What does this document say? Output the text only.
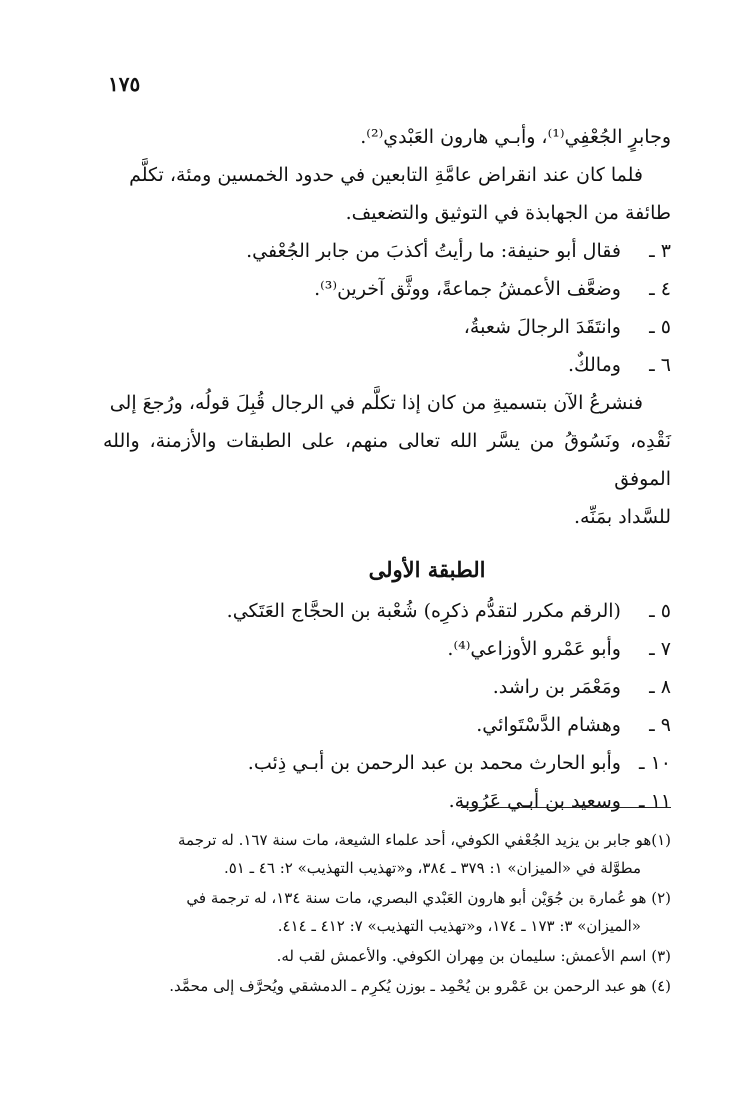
١٧٥
وجابرٍ الجُعْفِي⁽¹⁾، وأبـي هارون العَبْدي⁽²⁾.
فلما كان عند انقراض عامَّةِ التابعين في حدود الخمسين ومئة، تكلَّم
طائفة من الجهابذة في التوثيق والتضعيف.
٣ ـ فقال أبو حنيفة: ما رأيتُ أكذبَ من جابر الجُعْفي.
٤ ـ وضعَّف الأعمشُ جماعةً، ووثَّق آخرين⁽³⁾.
٥ ـ وانتَقَدَ الرجالَ شعبةُ،
٦ ـ ومالكٌ.
فنشرعُ الآن بتسميةِ من كان إذا تكلَّم في الرجال قُبِلَ قولُه، ورُجعَ إلى
نَقْدِه، ونَسُوقُ من يسَّر الله تعالى منهم، على الطبقات والأزمنة، والله الموفق
للسَّداد بمَنِّه.
الطبقة الأولى
٥ ـ (الرقم مكرر لتقدُّم ذكرِه) شُعْبة بن الحجَّاج العَتَكي.
٧ ـ وأبو عَمْرو الأوزاعي⁽⁴⁾.
٨ ـ ومَعْمَر بن راشد.
٩ ـ وهشام الدَّسْتَوائي.
١٠ ـ وأبو الحارث محمد بن عبد الرحمن بن أبـي ذِئب.
١١ ـ وسعيد بن أبـي عَرُوبة.
(١)هو جابر بن يزيد الجُعْفي الكوفي، أحد علماء الشيعة، مات سنة ١٦٧. له ترجمة
مطوَّلة في «الميزان» ١: ٣٧٩ ـ ٣٨٤، و«تهذيب التهذيب» ٢: ٤٦ ـ ٥١.
(٢) هو عُمارة بن جُوَيْن أبو هارون العَبْدي البصري، مات سنة ١٣٤، له ترجمة في
«الميزان» ٣: ١٧٣ ـ ١٧٤، و«تهذيب التهذيب» ٧: ٤١٢ ـ ٤١٤.
(٣) اسم الأعمش: سليمان بن مِهران الكوفي. والأعمش لقب له.
(٤) هو عبد الرحمن بن عَمْرو بن يُحْمِد ـ بوزن يُكرِم ـ الدمشقي ويُحرَّف إلى محمَّد.
